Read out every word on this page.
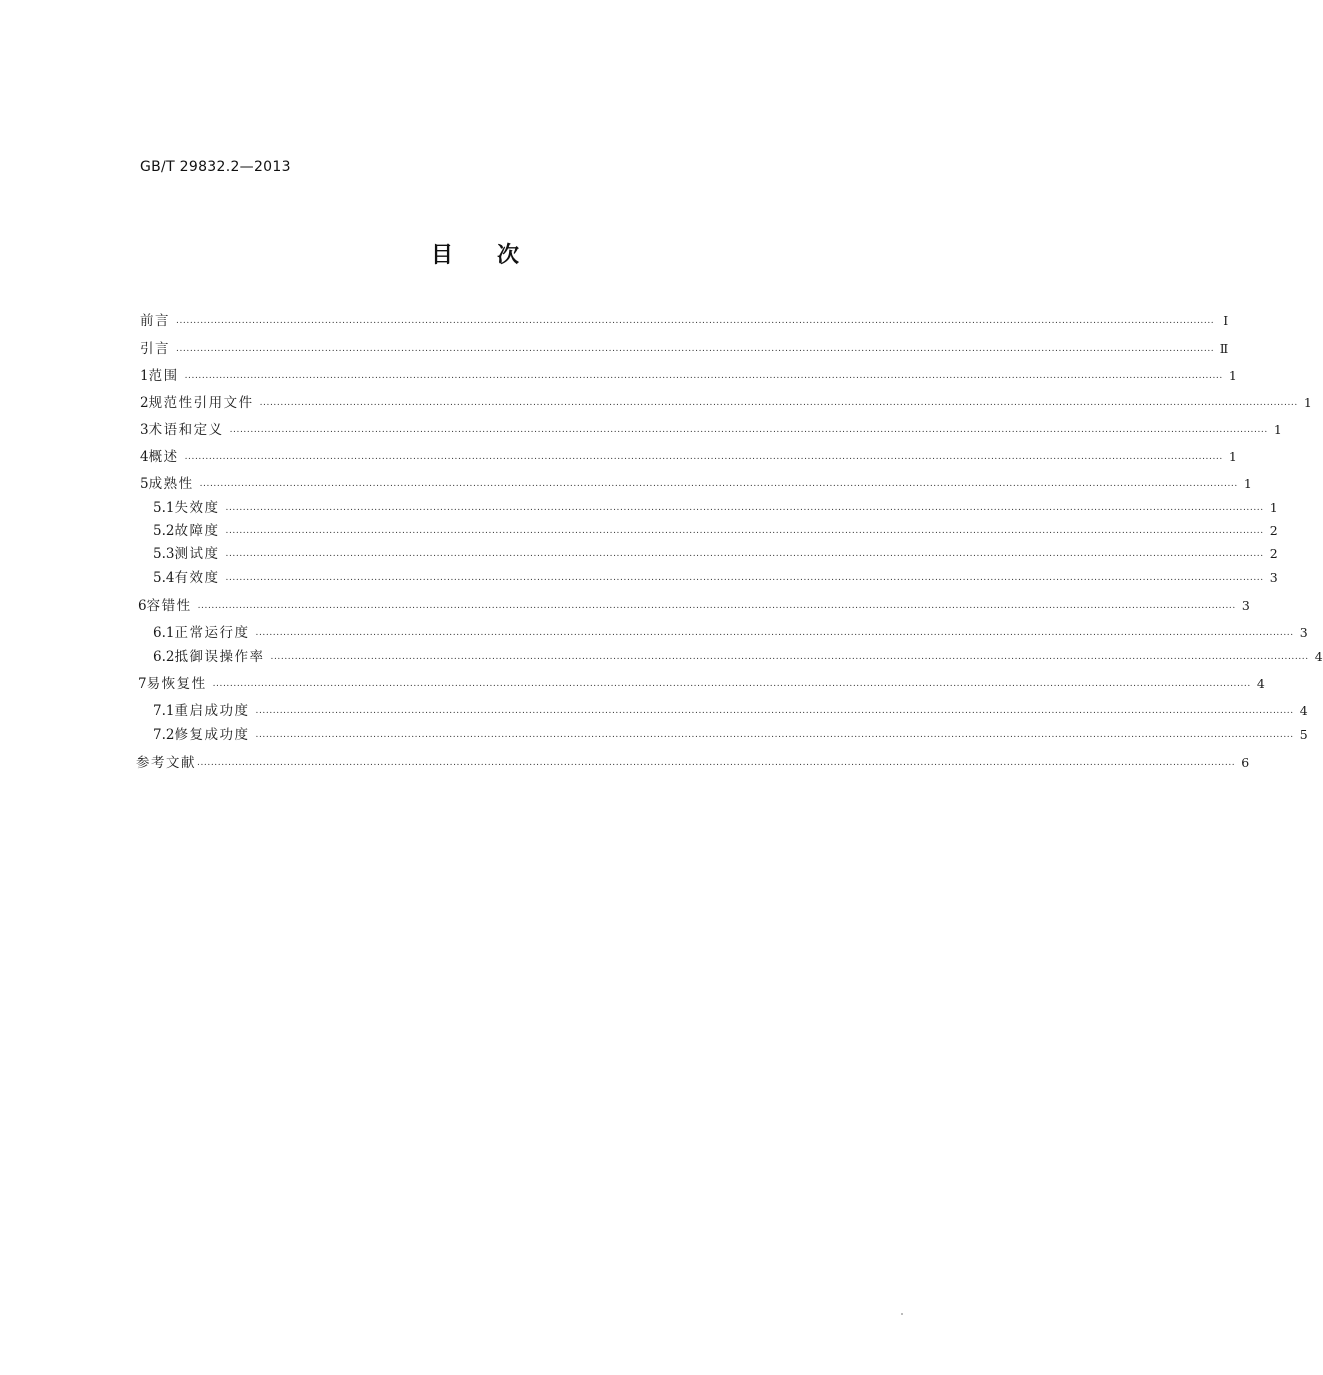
GB/T 29832.2—2013
目次
前言 ............................................................................................................................................................................................................................................................................................................ Ⅰ
引言 ............................................................................................................................................................................................................................................................................................................ Ⅱ
1 范围 ............................................................................................................................................................................................................................................................................................................ 1
2 规范性引用文件 ............................................................................................................................................................................................................................................................................................................ 1
3 术语和定义 ............................................................................................................................................................................................................................................................................................................ 1
4 概述 ............................................................................................................................................................................................................................................................................................................ 1
5 成熟性 ............................................................................................................................................................................................................................................................................................................ 1
5.1 失效度 ............................................................................................................................................................................................................................................................................................................ 1
5.2 故障度 ............................................................................................................................................................................................................................................................................................................ 2
5.3 测试度 ............................................................................................................................................................................................................................................................................................................ 2
5.4 有效度 ............................................................................................................................................................................................................................................................................................................ 3
6 容错性 ............................................................................................................................................................................................................................................................................................................ 3
6.1 正常运行度 ............................................................................................................................................................................................................................................................................................................ 3
6.2 抵御误操作率 ............................................................................................................................................................................................................................................................................................................ 4
7 易恢复性 ............................................................................................................................................................................................................................................................................................................ 4
7.1 重启成功度 ............................................................................................................................................................................................................................................................................................................ 4
7.2 修复成功度 ............................................................................................................................................................................................................................................................................................................ 5
参考文献 ............................................................................................................................................................................................................................................................................................................ 6
